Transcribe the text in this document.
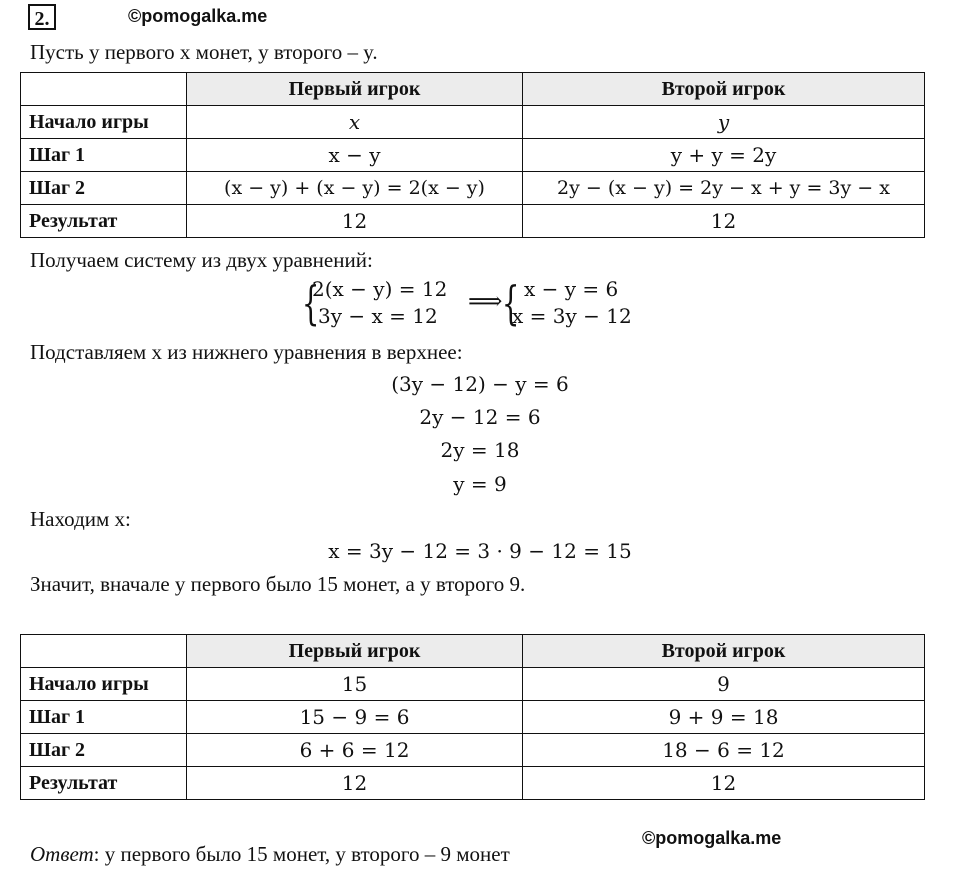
2.	©pomogalka.me
Пусть у первого x монет, у второго – y.
	Первый игрок	Второй игрок
Начало игры	x	y
Шаг 1	x − y	y + y = 2y
Шаг 2	(x − y) + (x − y) = 2(x − y)	2y − (x − y) = 2y − x + y = 3y − x
Результат	12	12
Получаем систему из двух уравнений:
{
2(x − y) = 12
3y − x = 12
⟹ { x − y = 6
x = 3y − 12
Подставляем x из нижнего уравнения в верхнее:
(3y − 12) − y = 6
2y − 12 = 6
2y = 18
y = 9
Находим x:
x = 3y − 12 = 3 · 9 − 12 = 15
Значит, вначале у первого было 15 монет, а у второго 9.
	Первый игрок	Второй игрок
Начало игры	15	9
Шаг 1	15 − 9 = 6	9 + 9 = 18
Шаг 2	6 + 6 = 12	18 − 6 = 12
Результат	12	12
©pomogalka.me
Ответ: у первого было 15 монет, у второго – 9 монет
